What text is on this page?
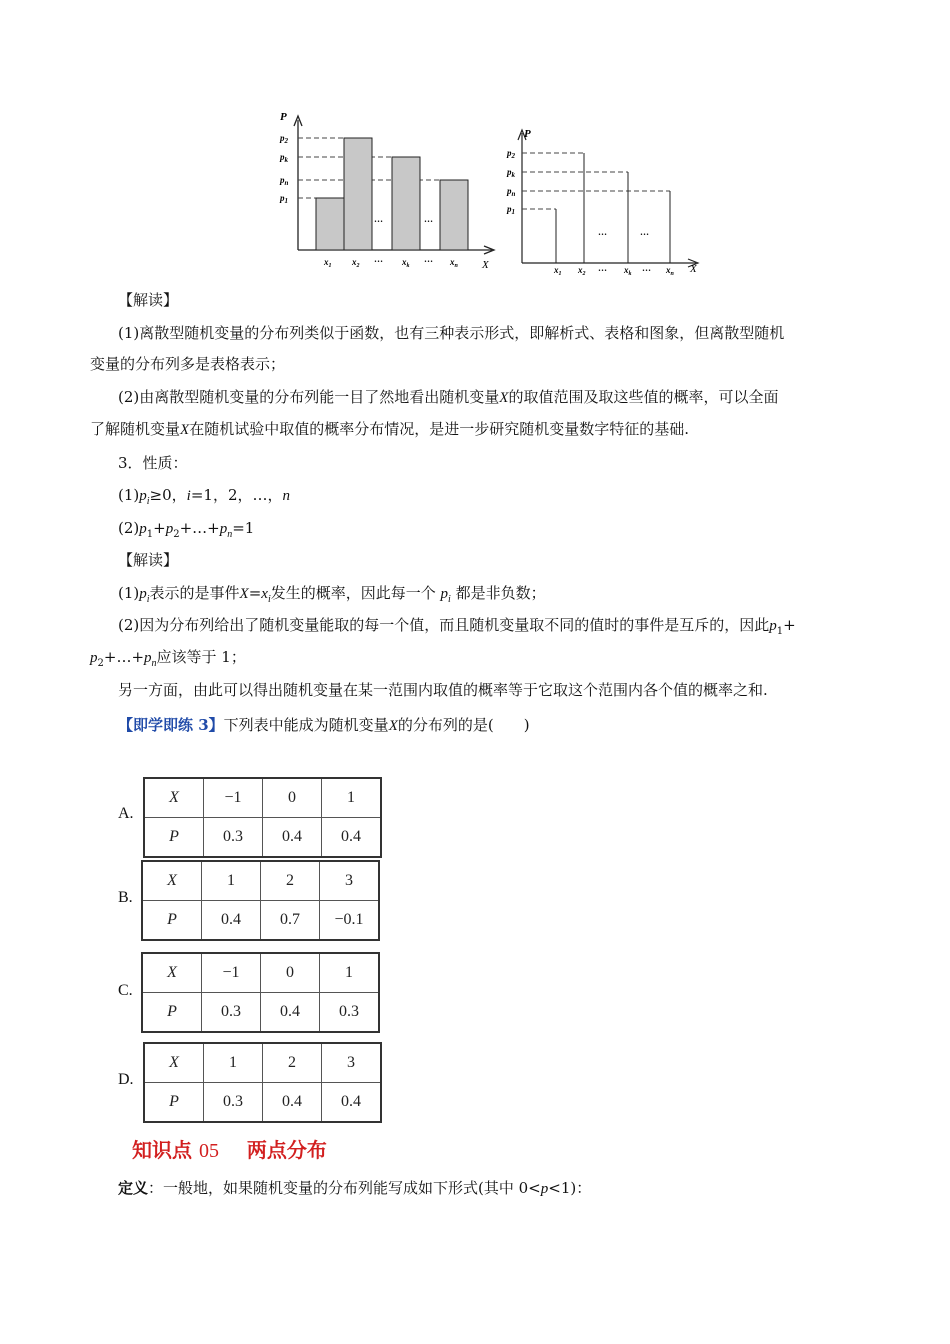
P
X
$p_2$
$p_k$
$p_n$
$p_1$
$x_1$ $x_2$
… $x_k$
… $x_n$
…	…
P
X
$p_2$
$p_k$
$p_n$
$p_1$
$x_1$ $x_2$
… $x_k$
… $x_n$
…	…
【解读】
(1)离散型随机变量的分布列类似于函数，也有三种表示形式，即解析式、表格和图象，但离散型随机
变量的分布列多是表格表示；
(2)由离散型随机变量的分布列能一目了然地看出随机变量X的取值范围及取这些值的概率，可以全面
了解随机变量X在随机试验中取值的概率分布情况，是进一步研究随机变量数字特征的基础.
3．性质：
$(1)p_i\ge 0$，i=1，2，…，n
$(2)p_1+p_2+\dots+p_n=1$
【解读】
$(1)p_i$表示的是事件$X=x_i$发生的概率，因此每一个 $p_i$ 都是非负数；
(2)因为分布列给出了随机变量能取的每一个值，而且随机变量取不同的值时的事件是互斥的，因此$p_1+$
$p_2+\dots+p_n$应该等于 1；
另一方面，由此可以得出随机变量在某一范围内取值的概率等于它取这个范围内各个值的概率之和.
【即学即练 3】下列表中能成为随机变量X的分布列的是(　　)
A.
X	−1	0	1
P	0.3	0.4	0.4
B.
X	1	2	3
P	0.4	0.7	−0.1
C.
X	−1	0	1
P	0.3	0.4	0.3
D.
X	1	2	3
P	0.3	0.4	0.4
知识点 05 两点分布
定义：一般地，如果随机变量的分布列能写成如下形式(其中 0<p<1)：
